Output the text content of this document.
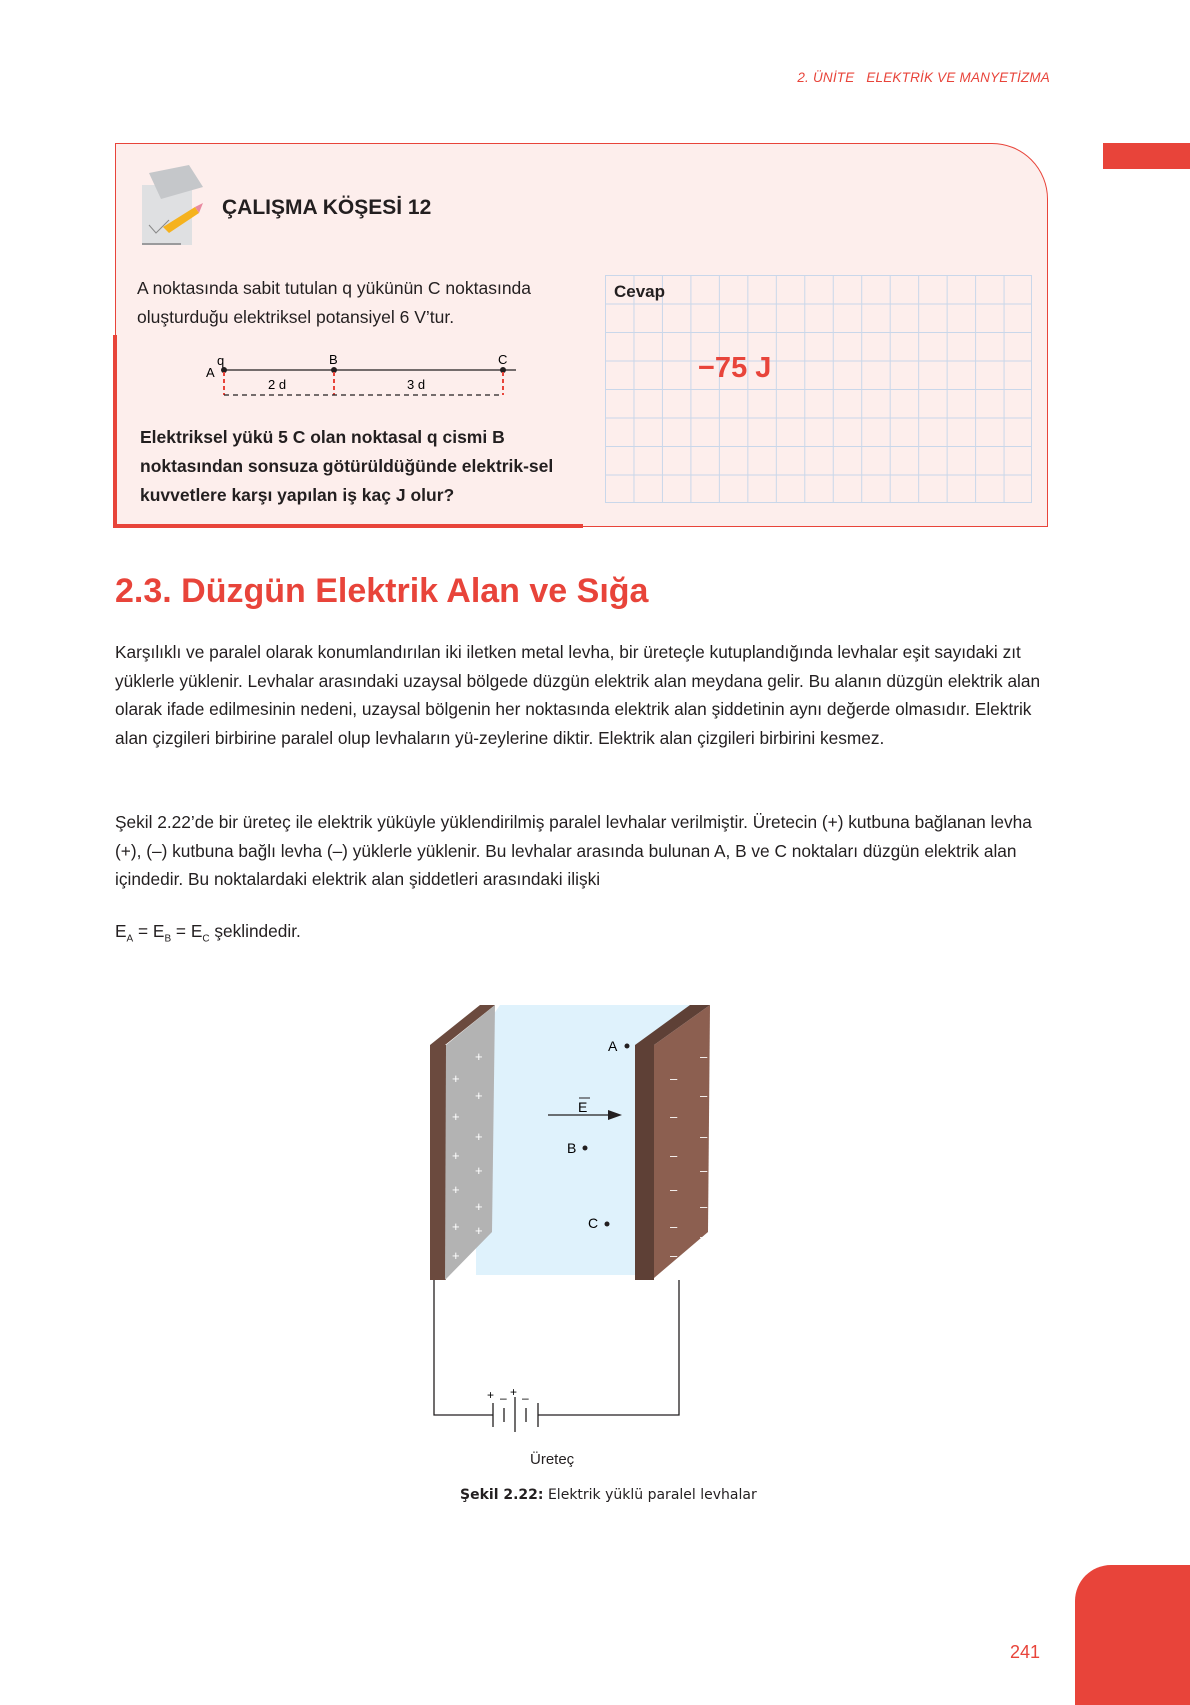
2. ÜNİTE ELEKTRİK VE MANYETİZMA
ÇALIŞMA KÖŞESİ 12
A noktasında sabit tutulan q yükünün C noktasında oluşturduğu elektriksel potansiyel 6 V’tur.
A
q	B	C
2 d	3 d
Elektriksel yükü 5 C olan noktasal q cismi B noktasından sonsuza götürüldüğünde elektrik-sel kuvvetlere karşı yapılan iş kaç J olur?
Cevap
−75 J
2.3. Düzgün Elektrik Alan ve Sığa
Karşılıklı ve paralel olarak konumlandırılan iki iletken metal levha, bir üreteçle kutuplandığında levhalar eşit sayıdaki zıt yüklerle yüklenir. Levhalar arasındaki uzaysal bölgede düzgün elektrik alan meydana gelir. Bu alanın düzgün elektrik alan olarak ifade edilmesinin nedeni, uzaysal bölgenin her noktasında elektrik alan şiddetinin aynı değerde olmasıdır. Elektrik alan çizgileri birbirine paralel olup levhaların yü-zeylerine diktir. Elektrik alan çizgileri birbirini kesmez.
Şekil 2.22’de bir üreteç ile elektrik yüküyle yüklendirilmiş paralel levhalar verilmiştir. Üretecin (+) kutbuna bağlanan levha (+), (–) kutbuna bağlı levha (–) yüklerle yüklenir. Bu levhalar arasında bulunan A, B ve C noktaları düzgün elektrik alan içindedir. Bu noktalardaki elektrik alan şiddetleri arasındaki ilişki
$E_A = E_B = E_C$ şeklindedir.
+
+
+
+
+
+
+
+
+
+ +
+
–
–
–
–
–
–
–
–
–
–
–
–
E
A
B
C
+ – + –
Üreteç
Şekil 2.22: Elektrik yüklü paralel levhalar
241
